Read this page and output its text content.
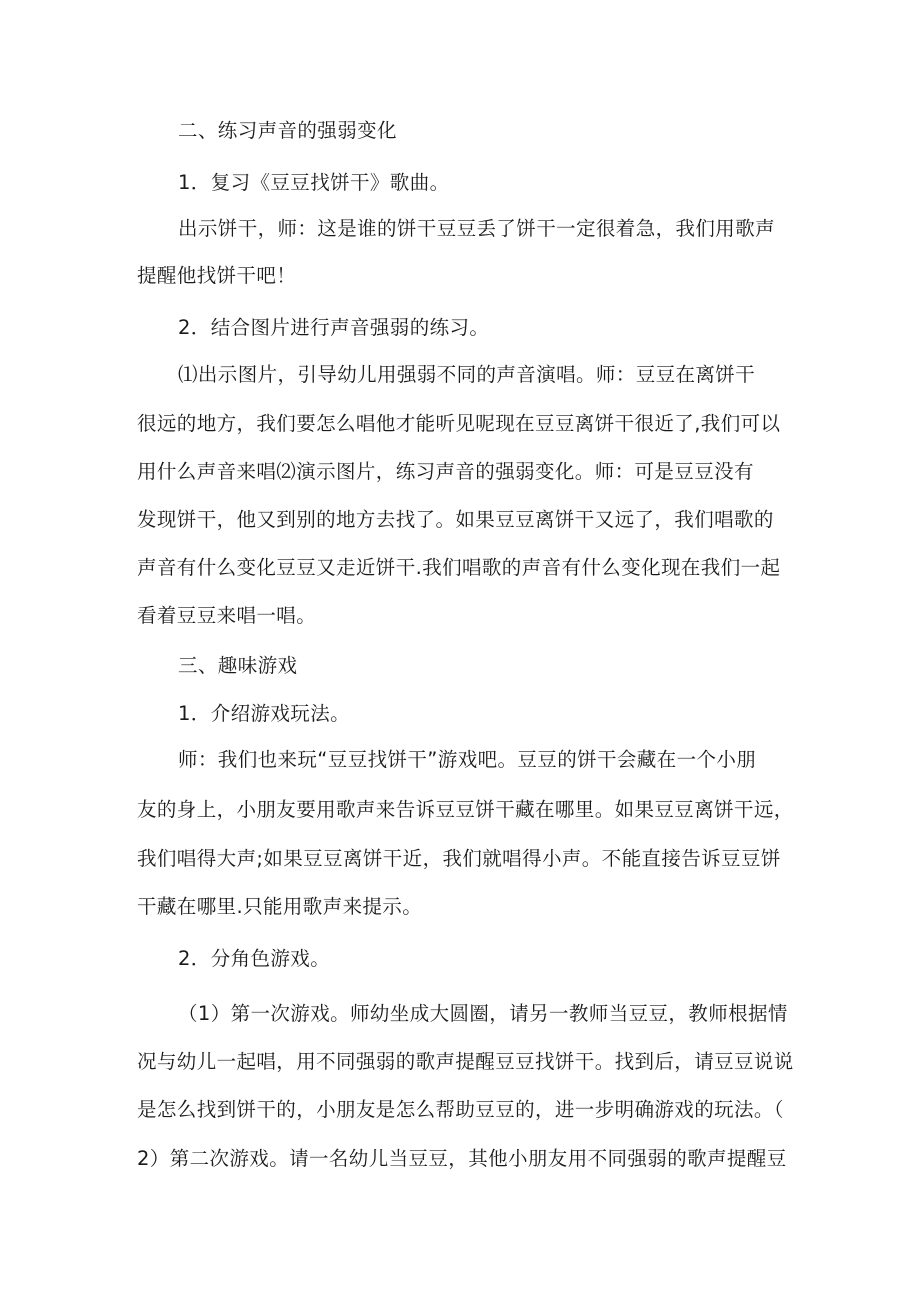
二、练习声音的强弱变化
1．复习《豆豆找饼干》歌曲。
出示饼干，师：这是谁的饼干豆豆丢了饼干一定很着急，我们用歌声
提醒他找饼干吧！
2．结合图片进行声音强弱的练习。
⑴出示图片，引导幼儿用强弱不同的声音演唱。师：豆豆在离饼干
很远的地方，我们要怎么唱他才能听见呢现在豆豆离饼干很近了,我们可以
用什么声音来唱⑵演示图片，练习声音的强弱变化。师：可是豆豆没有
发现饼干，他又到别的地方去找了。如果豆豆离饼干又远了，我们唱歌的
声音有什么变化豆豆又走近饼干.我们唱歌的声音有什么变化现在我们一起
看着豆豆来唱一唱。
三、趣味游戏
1．介绍游戏玩法。
师：我们也来玩“豆豆找饼干”游戏吧。豆豆的饼干会藏在一个小朋
友的身上，小朋友要用歌声来告诉豆豆饼干藏在哪里。如果豆豆离饼干远，
我们唱得大声;如果豆豆离饼干近，我们就唱得小声。不能直接告诉豆豆饼
干藏在哪里.只能用歌声来提示。
2．分角色游戏。
（1）第一次游戏。师幼坐成大圆圈，请另一教师当豆豆，教师根据情
况与幼儿一起唱，用不同强弱的歌声提醒豆豆找饼干。找到后，请豆豆说说
是怎么找到饼干的，小朋友是怎么帮助豆豆的，进一步明确游戏的玩法。（
2）第二次游戏。请一名幼儿当豆豆，其他小朋友用不同强弱的歌声提醒豆
